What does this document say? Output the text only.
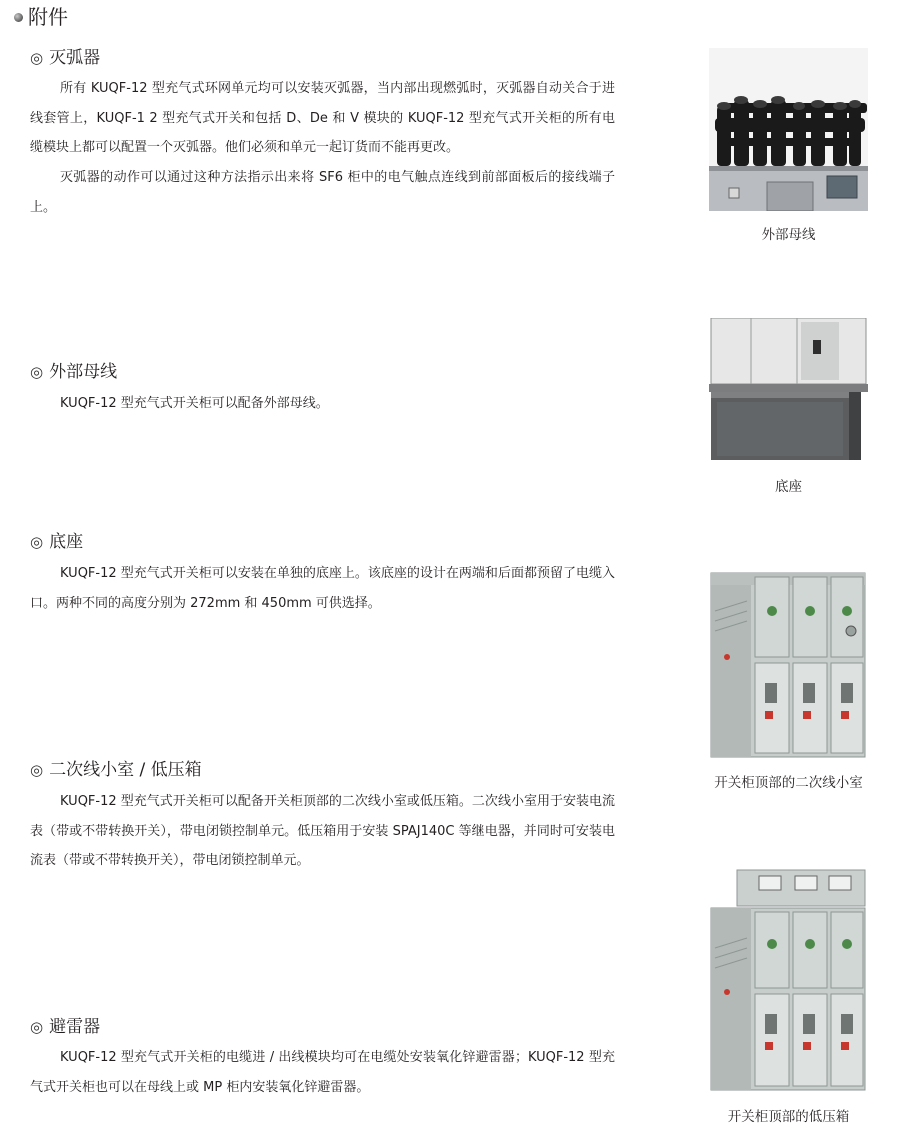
附件
◎ 灭弧器

所有 KUQF-12 型充气式环网单元均可以安装灭弧器，当内部出现燃弧时，灭弧器自动关合于进线套管上，KUQF-1 2 型充气式开关和包括 D、De 和 V 模块的 KUQF-12 型充气式开关柜的所有电缆模块上都可以配置一个灭弧器。他们必须和单元一起订货而不能再更改。

灭弧器的动作可以通过这种方法指示出来将 SF6 柜中的电气触点连线到前部面板后的接线端子上。

◎ 外部母线

KUQF-12 型充气式开关柜可以配备外部母线。

◎ 底座

KUQF-12 型充气式开关柜可以安装在单独的底座上。该底座的设计在两端和后面都预留了电缆入口。两种不同的高度分别为 272mm 和 450mm 可供选择。

◎ 二次线小室 / 低压箱

KUQF-12 型充气式开关柜可以配备开关柜顶部的二次线小室或低压箱。二次线小室用于安装电流表（带或不带转换开关），带电闭锁控制单元。低压箱用于安装 SPAJ140C 等继电器，并同时可安装电流表（带或不带转换开关），带电闭锁控制单元。

◎ 避雷器

KUQF-12 型充气式开关柜的电缆进 / 出线模块均可在电缆处安装氧化锌避雷器；KUQF-12 型充气式开关柜也可以在母线上或 MP 柜内安装氧化锌避雷器。

外部母线
底座
开关柜顶部的二次线小室
开关柜顶部的低压箱
